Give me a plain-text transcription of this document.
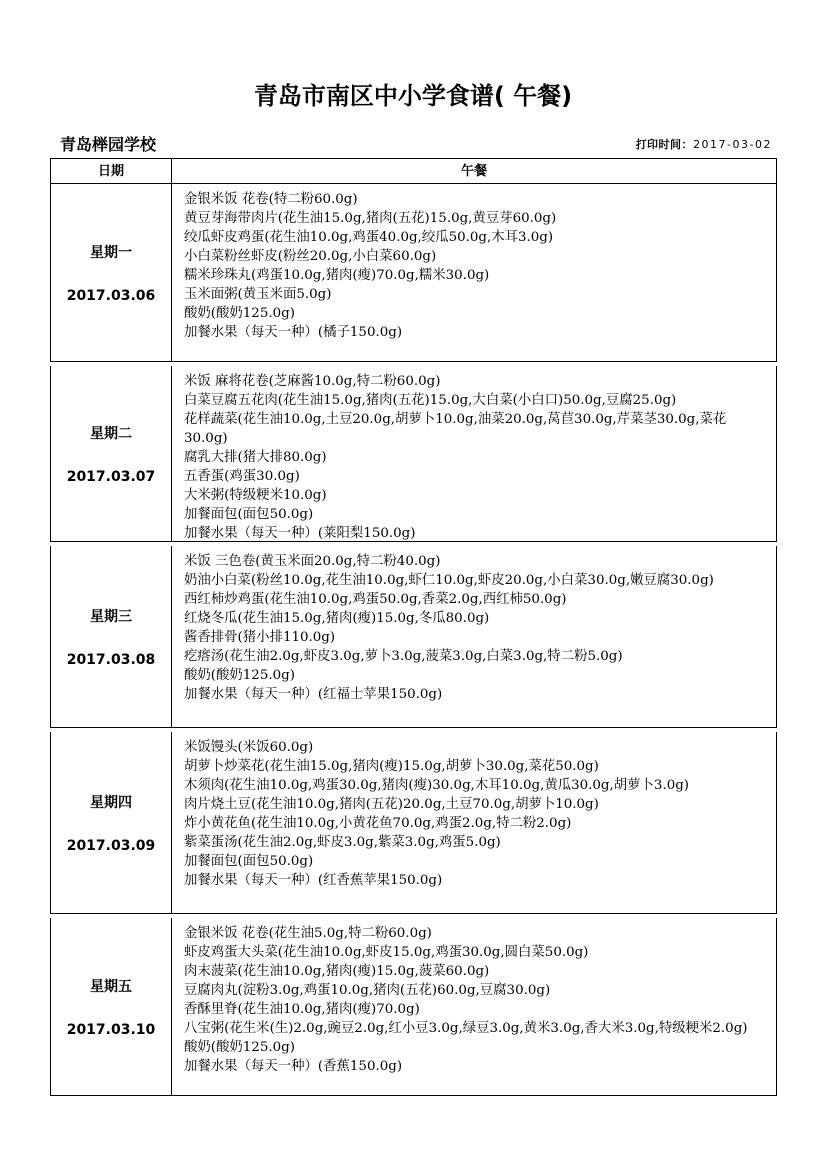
青岛市南区中小学食谱( 午餐)
青岛榉园学校	打印时间：2017-03-02
日期	午餐
星期一
2017.03.06
金银米饭 花卷(特二粉60.0g)
黄豆芽海带肉片(花生油15.0g,猪肉(五花)15.0g,黄豆芽60.0g)
绞瓜虾皮鸡蛋(花生油10.0g,鸡蛋40.0g,绞瓜50.0g,木耳3.0g)
小白菜粉丝虾皮(粉丝20.0g,小白菜60.0g)
糯米珍珠丸(鸡蛋10.0g,猪肉(瘦)70.0g,糯米30.0g)
玉米面粥(黄玉米面5.0g)
酸奶(酸奶125.0g)
加餐水果（每天一种）(橘子150.0g)
星期二
2017.03.07
米饭 麻将花卷(芝麻酱10.0g,特二粉60.0g)
白菜豆腐五花肉(花生油15.0g,猪肉(五花)15.0g,大白菜(小白口)50.0g,豆腐25.0g)
花样蔬菜(花生油10.0g,土豆20.0g,胡萝卜10.0g,油菜20.0g,莴苣30.0g,芹菜茎30.0g,菜花30.0g)
腐乳大排(猪大排80.0g)
五香蛋(鸡蛋30.0g)
大米粥(特级粳米10.0g)
加餐面包(面包50.0g)
加餐水果（每天一种）(莱阳梨150.0g)
星期三
2017.03.08
米饭 三色卷(黄玉米面20.0g,特二粉40.0g)
奶油小白菜(粉丝10.0g,花生油10.0g,虾仁10.0g,虾皮20.0g,小白菜30.0g,嫩豆腐30.0g)
西红柿炒鸡蛋(花生油10.0g,鸡蛋50.0g,香菜2.0g,西红柿50.0g)
红烧冬瓜(花生油15.0g,猪肉(瘦)15.0g,冬瓜80.0g)
酱香排骨(猪小排110.0g)
疙瘩汤(花生油2.0g,虾皮3.0g,萝卜3.0g,菠菜3.0g,白菜3.0g,特二粉5.0g)
酸奶(酸奶125.0g)
加餐水果（每天一种）(红福士苹果150.0g)
星期四
2017.03.09
米饭馒头(米饭60.0g)
胡萝卜炒菜花(花生油15.0g,猪肉(瘦)15.0g,胡萝卜30.0g,菜花50.0g)
木须肉(花生油10.0g,鸡蛋30.0g,猪肉(瘦)30.0g,木耳10.0g,黄瓜30.0g,胡萝卜3.0g)
肉片烧土豆(花生油10.0g,猪肉(五花)20.0g,土豆70.0g,胡萝卜10.0g)
炸小黄花鱼(花生油10.0g,小黄花鱼70.0g,鸡蛋2.0g,特二粉2.0g)
紫菜蛋汤(花生油2.0g,虾皮3.0g,紫菜3.0g,鸡蛋5.0g)
加餐面包(面包50.0g)
加餐水果（每天一种）(红香蕉苹果150.0g)
星期五
2017.03.10
金银米饭 花卷(花生油5.0g,特二粉60.0g)
虾皮鸡蛋大头菜(花生油10.0g,虾皮15.0g,鸡蛋30.0g,圆白菜50.0g)
肉末菠菜(花生油10.0g,猪肉(瘦)15.0g,菠菜60.0g)
豆腐肉丸(淀粉3.0g,鸡蛋10.0g,猪肉(五花)60.0g,豆腐30.0g)
香酥里脊(花生油10.0g,猪肉(瘦)70.0g)
八宝粥(花生米(生)2.0g,豌豆2.0g,红小豆3.0g,绿豆3.0g,黄米3.0g,香大米3.0g,特级粳米2.0g)
酸奶(酸奶125.0g)
加餐水果（每天一种）(香蕉150.0g)
